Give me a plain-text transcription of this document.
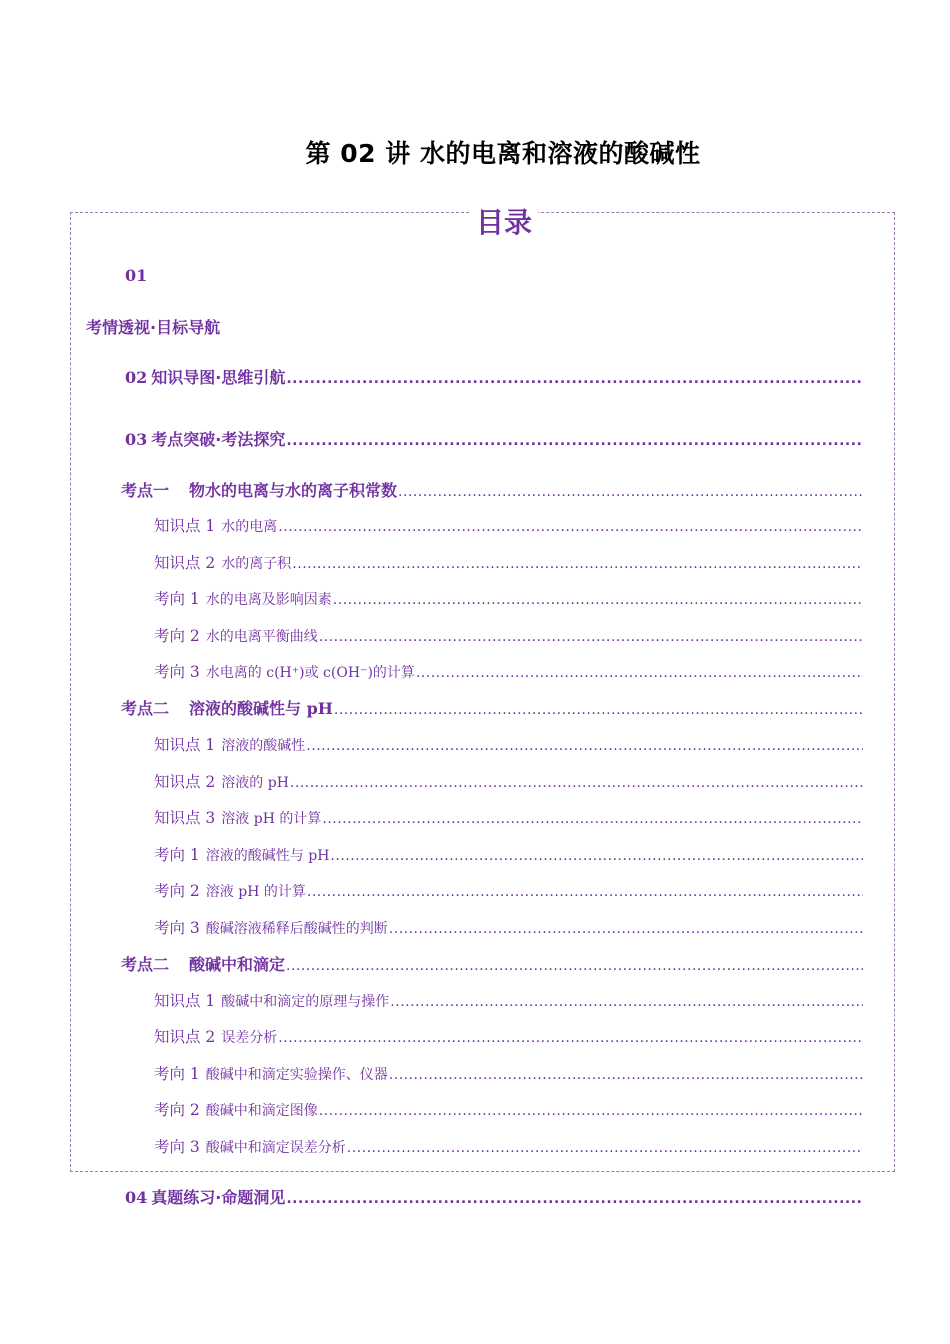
第 02 讲 水的电离和溶液的酸碱性
目录
01
考情透视·目标导航
02 知识导图·思维引航
.....
03 考点突破·考法探究
.....
考点一 物水的电离与水的离子积常数
.....
知识点 1 水的电离
.....
知识点 2 水的离子积
.....
考向 1 水的电离及影响因素
.....
考向 2 水的电离平衡曲线
.....
考向 3 水电离的 c(H⁺)或 c(OH⁻)的计算
.....
考点二 溶液的酸碱性与 pH
.....
知识点 1 溶液的酸碱性
.....
知识点 2 溶液的 pH
.....
知识点 3 溶液 pH 的计算
.....
考向 1 溶液的酸碱性与 pH
.....
考向 2 溶液 pH 的计算
.....
考向 3 酸碱溶液稀释后酸碱性的判断
.....
考点二 酸碱中和滴定
.....
知识点 1 酸碱中和滴定的原理与操作
.....
知识点 2 误差分析
.....
考向 1 酸碱中和滴定实验操作、仪器
.....
考向 2 酸碱中和滴定图像
.....
考向 3 酸碱中和滴定误差分析
.....
04 真题练习·命题洞见
.....
